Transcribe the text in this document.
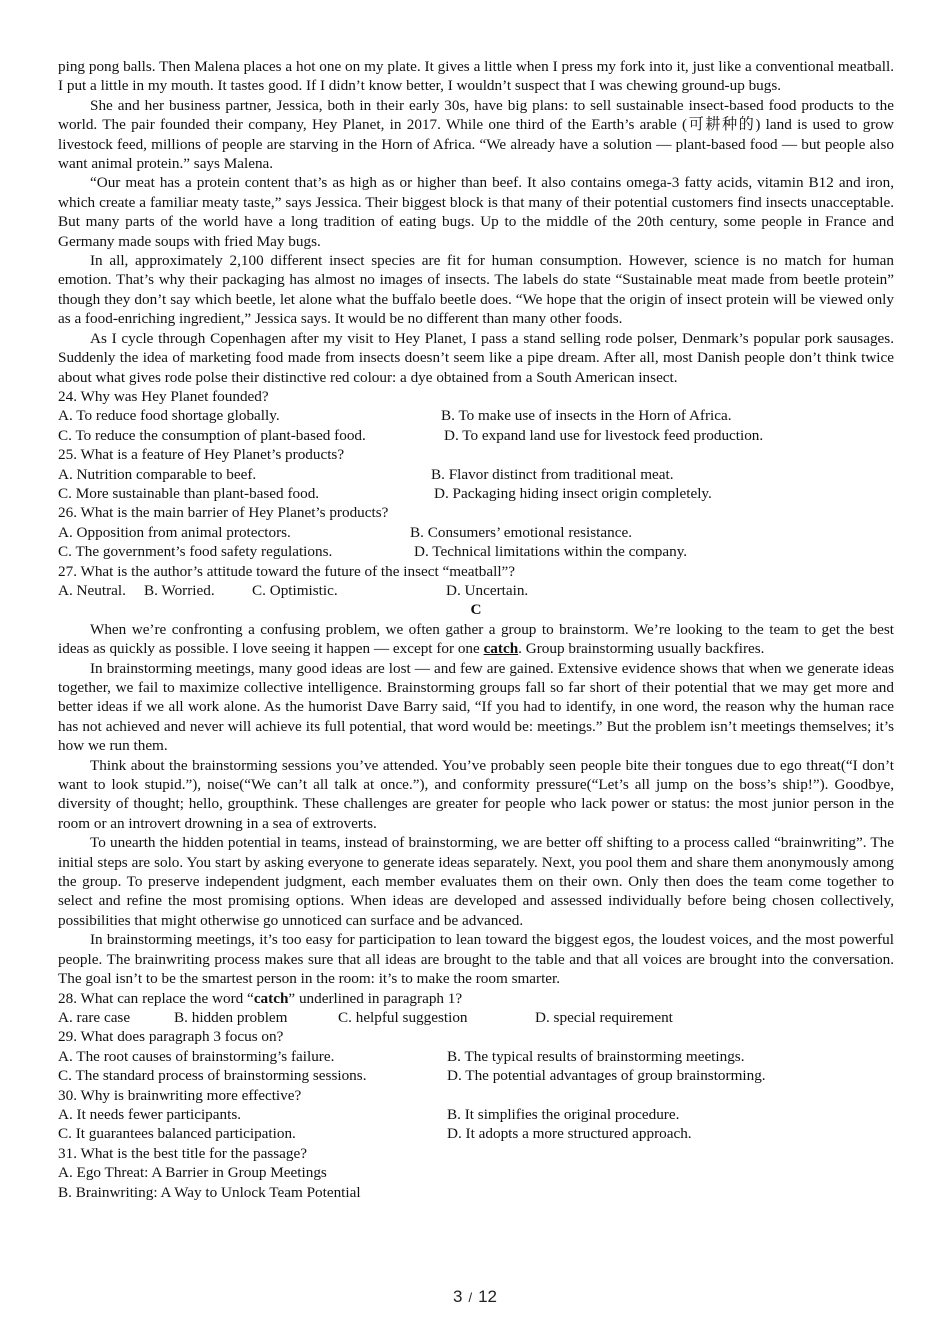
ping pong balls. Then Malena places a hot one on my plate. It gives a little when I press my fork into it, just like a conventional meatball. I put a little in my mouth. It tastes good. If I didn’t know better, I wouldn’t suspect that I was chewing ground-up bugs.

She and her business partner, Jessica, both in their early 30s, have big plans: to sell sustainable insect-based food products to the world. The pair founded their company, Hey Planet, in 2017. While one third of the Earth’s arable (可耕种的) land is used to grow livestock feed, millions of people are starving in the Horn of Africa. “We already have a solution — plant-based food — but people also want animal protein.” says Malena.

“Our meat has a protein content that’s as high as or higher than beef. It also contains omega-3 fatty acids, vitamin B12 and iron, which create a familiar meaty taste,” says Jessica. Their biggest block is that many of their potential customers find insects unacceptable. But many parts of the world have a long tradition of eating bugs. Up to the middle of the 20th century, some people in France and Germany made soups with fried May bugs.

In all, approximately 2,100 different insect species are fit for human consumption. However, science is no match for human emotion. That’s why their packaging has almost no images of insects. The labels do state “Sustainable meat made from beetle protein” though they don’t say which beetle, let alone what the buffalo beetle does. “We hope that the origin of insect protein will be viewed only as a food-enriching ingredient,” Jessica says. It would be no different than many other foods.

As I cycle through Copenhagen after my visit to Hey Planet, I pass a stand selling rode polser, Denmark’s popular pork sausages. Suddenly the idea of marketing food made from insects doesn’t seem like a pipe dream. After all, most Danish people don’t think twice about what gives rode polse their distinctive red colour: a dye obtained from a South American insect.

24. Why was Hey Planet founded?

A. To reduce food shortage globally.	B. To make use of insects in the Horn of Africa.
C. To reduce the consumption of plant-based food.	D. To expand land use for livestock feed production.

25. What is a feature of Hey Planet’s products?

A. Nutrition comparable to beef.	B. Flavor distinct from traditional meat.
C. More sustainable than plant-based food.	D. Packaging hiding insect origin completely.

26. What is the main barrier of Hey Planet’s products?

A. Opposition from animal protectors.	B. Consumers’ emotional resistance.
C. The government’s food safety regulations.	D. Technical limitations within the company.

27. What is the author’s attitude toward the future of the insect “meatball”?

A. Neutral.	B. Worried.	C. Optimistic.	D. Uncertain.

C

When we’re confronting a confusing problem, we often gather a group to brainstorm. We’re looking to the team to get the best ideas as quickly as possible. I love seeing it happen — except for one catch. Group brainstorming usually backfires.

In brainstorming meetings, many good ideas are lost — and few are gained. Extensive evidence shows that when we generate ideas together, we fail to maximize collective intelligence. Brainstorming groups fall so far short of their potential that we may get more and better ideas if we all work alone. As the humorist Dave Barry said, “If you had to identify, in one word, the reason why the human race has not achieved and never will achieve its full potential, that word would be: meetings.” But the problem isn’t meetings themselves; it’s how we run them.

Think about the brainstorming sessions you’ve attended. You’ve probably seen people bite their tongues due to ego threat(“I don’t want to look stupid.”), noise(“We can’t all talk at once.”), and conformity pressure(“Let’s all jump on the boss’s ship!”). Goodbye, diversity of thought; hello, groupthink. These challenges are greater for people who lack power or status: the most junior person in the room or an introvert drowning in a sea of extroverts.

To unearth the hidden potential in teams, instead of brainstorming, we are better off shifting to a process called “brainwriting”. The initial steps are solo. You start by asking everyone to generate ideas separately. Next, you pool them and share them anonymously among the group. To preserve independent judgment, each member evaluates them on their own. Only then does the team come together to select and refine the most promising options. When ideas are developed and assessed individually before being chosen collectively, possibilities that might otherwise go unnoticed can surface and be advanced.

In brainstorming meetings, it’s too easy for participation to lean toward the biggest egos, the loudest voices, and the most powerful people. The brainwriting process makes sure that all ideas are brought to the table and that all voices are brought into the conversation. The goal isn’t to be the smartest person in the room: it’s to make the room smarter.

28. What can replace the word “catch” underlined in paragraph 1?

A. rare case	B. hidden problem	C. helpful suggestion	D. special requirement

29. What does paragraph 3 focus on?

A. The root causes of brainstorming’s failure.	B. The typical results of brainstorming meetings.
C. The standard process of brainstorming sessions.	D. The potential advantages of group brainstorming.

30. Why is brainwriting more effective?

A. It needs fewer participants.	B. It simplifies the original procedure.
C. It guarantees balanced participation.	D. It adopts a more structured approach.

31. What is the best title for the passage?

A. Ego Threat: A Barrier in Group Meetings

B. Brainwriting: A Way to Unlock Team Potential

3 / 12
